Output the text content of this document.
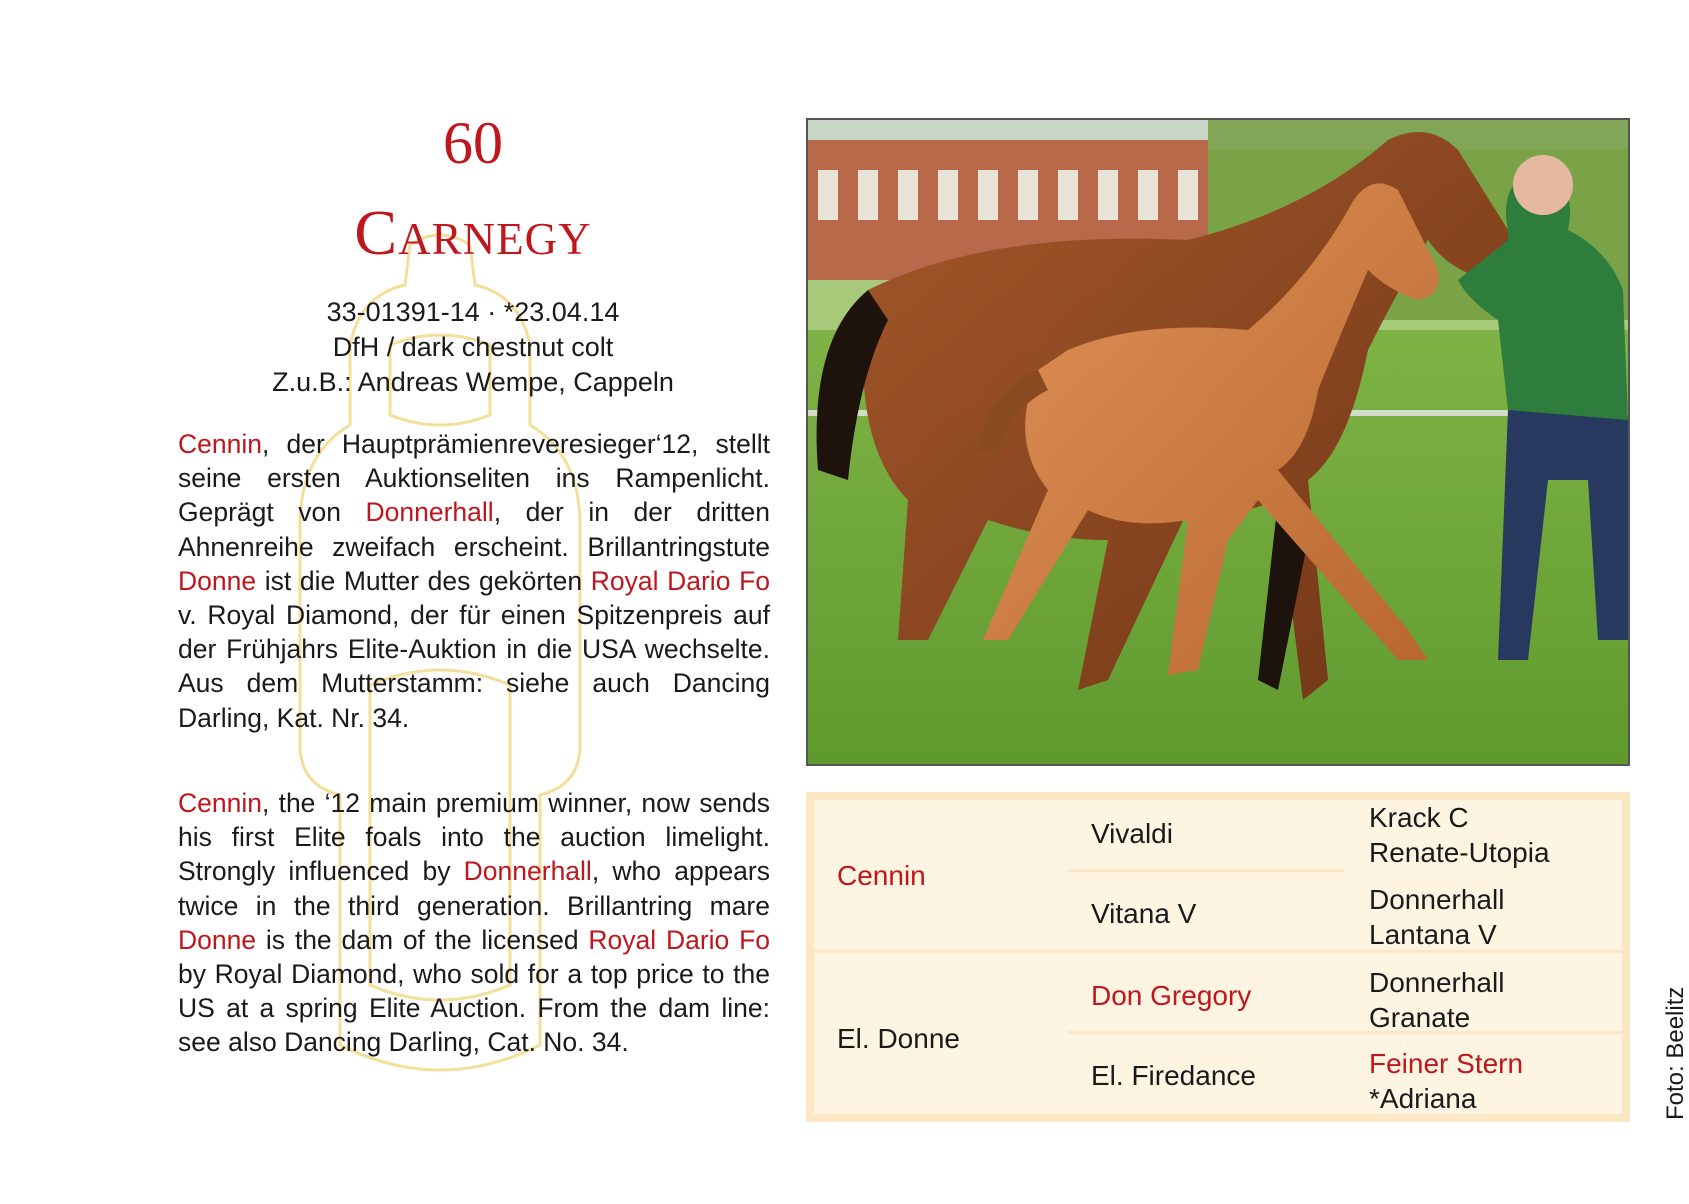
60
Carnegy
33-01391-14 · *23.04.14
DfH / dark chestnut colt
Z.u.B.: Andreas Wempe, Cappeln
Cennin, der Hauptprämienreveresieger‘12, stellt seine ersten Auktionseliten ins Rampenlicht. Geprägt von Donnerhall, der in der dritten Ahnenreihe zweifach erscheint. Brillantringstute Donne ist die Mutter des gekörten Royal Dario Fo v. Royal Diamond, der für einen Spitzenpreis auf der Frühjahrs Elite-Auktion in die USA wechselte. Aus dem Mutterstamm: siehe auch Dancing Darling, Kat. Nr. 34.
Cennin, the ‘12 main premium winner, now sends his first Elite foals into the auction limelight. Strongly influenced by Donnerhall, who appears twice in the third generation. Brillantring mare Donne is the dam of the licensed Royal Dario Fo by Royal Diamond, who sold for a top price to the US at a spring Elite Auction. From the dam line: see also Dancing Darling, Cat. No. 34.
Cennin
El. Donne
Vivaldi
Vitana V
Don Gregory
El. Firedance
Krack C
Renate-Utopia
Donnerhall
Lantana V
Donnerhall
Granate
Feiner Stern
*Adriana	Foto: Beelitz
